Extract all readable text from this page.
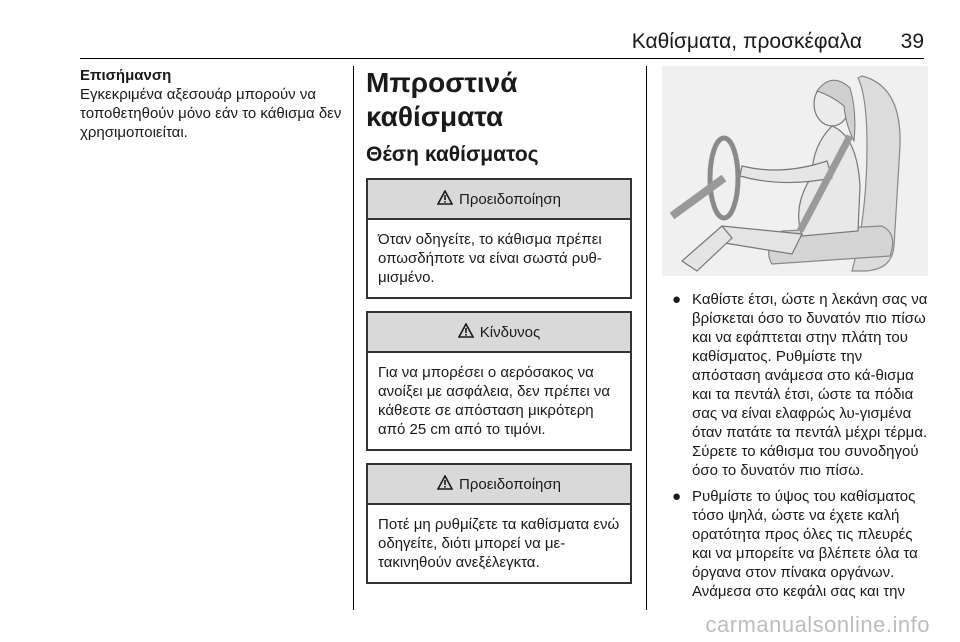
Καθίσματα, προσκέφαλα 39
Επισήμανση
Εγκεκριμένα αξεσουάρ μπορούν να τοποθετηθούν μόνο εάν το κάθισμα δεν χρησιμοποιείται.
Μπροστινά καθίσματα
Θέση καθίσματος
Προειδοποίηση
Όταν οδηγείτε, το κάθισμα πρέπει οπωσδήποτε να είναι σωστά ρυθ-μισμένο.
Κίνδυνος
Για να μπορέσει ο αερόσακος να ανοίξει με ασφάλεια, δεν πρέπει να κάθεστε σε απόσταση μικρότερη από 25 cm από το τιμόνι.
Προειδοποίηση
Ποτέ μη ρυθμίζετε τα καθίσματα ενώ οδηγείτε, διότι μπορεί να με-τακινηθούν ανεξέλεγκτα.
● Καθίστε έτσι, ώστε η λεκάνη σας να βρίσκεται όσο το δυνατόν πιο πίσω και να εφάπτεται στην πλάτη του καθίσματος. Ρυθμίστε την απόσταση ανάμεσα στο κά-θισμα και τα πεντάλ έτσι, ώστε τα πόδια σας να είναι ελαφρώς λυ-γισμένα όταν πατάτε τα πεντάλ μέχρι τέρμα. Σύρετε το κάθισμα του συνοδηγού όσο το δυνατόν πιο πίσω.
● Ρυθμίστε το ύψος του καθίσματος τόσο ψηλά, ώστε να έχετε καλή ορατότητα προς όλες τις πλευρές και να μπορείτε να βλέπετε όλα τα όργανα στον πίνακα οργάνων. Ανάμεσα στο κεφάλι σας και την
carmanualsonline.info
